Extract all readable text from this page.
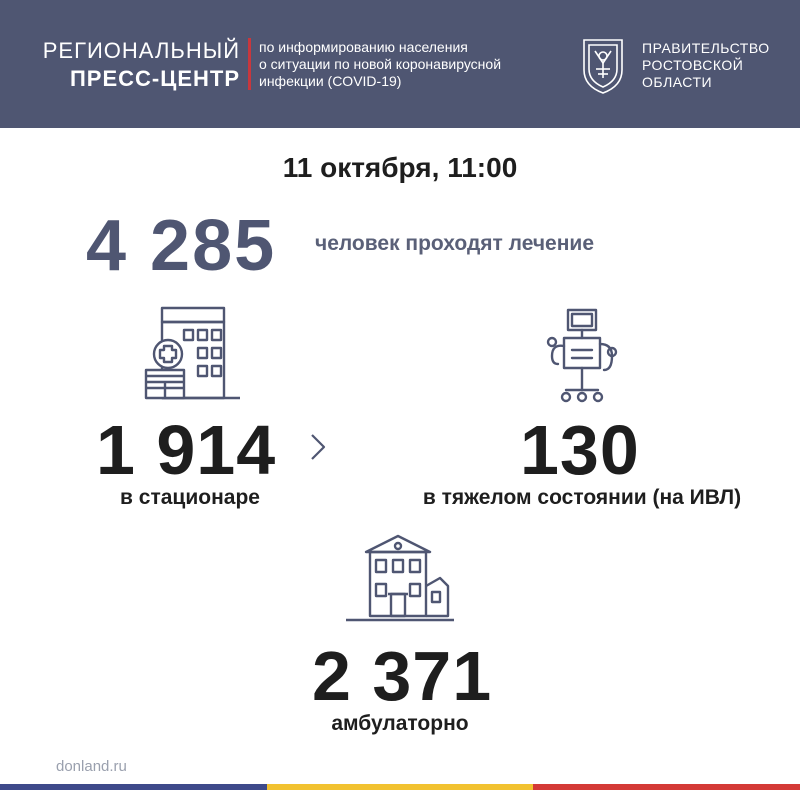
РЕГИОНАЛЬНЫЙ
ПРЕСС-ЦЕНТР
по информированию населения
о ситуации по новой коронавирусной
инфекции (COVID-19)
ПРАВИТЕЛЬСТВО
РОСТОВСКОЙ
ОБЛАСТИ
11 октября, 11:00
4 285 человек проходят лечение
1 914
в стационаре
130
в тяжелом состоянии (на ИВЛ)
2 371
амбулаторно
donland.ru
